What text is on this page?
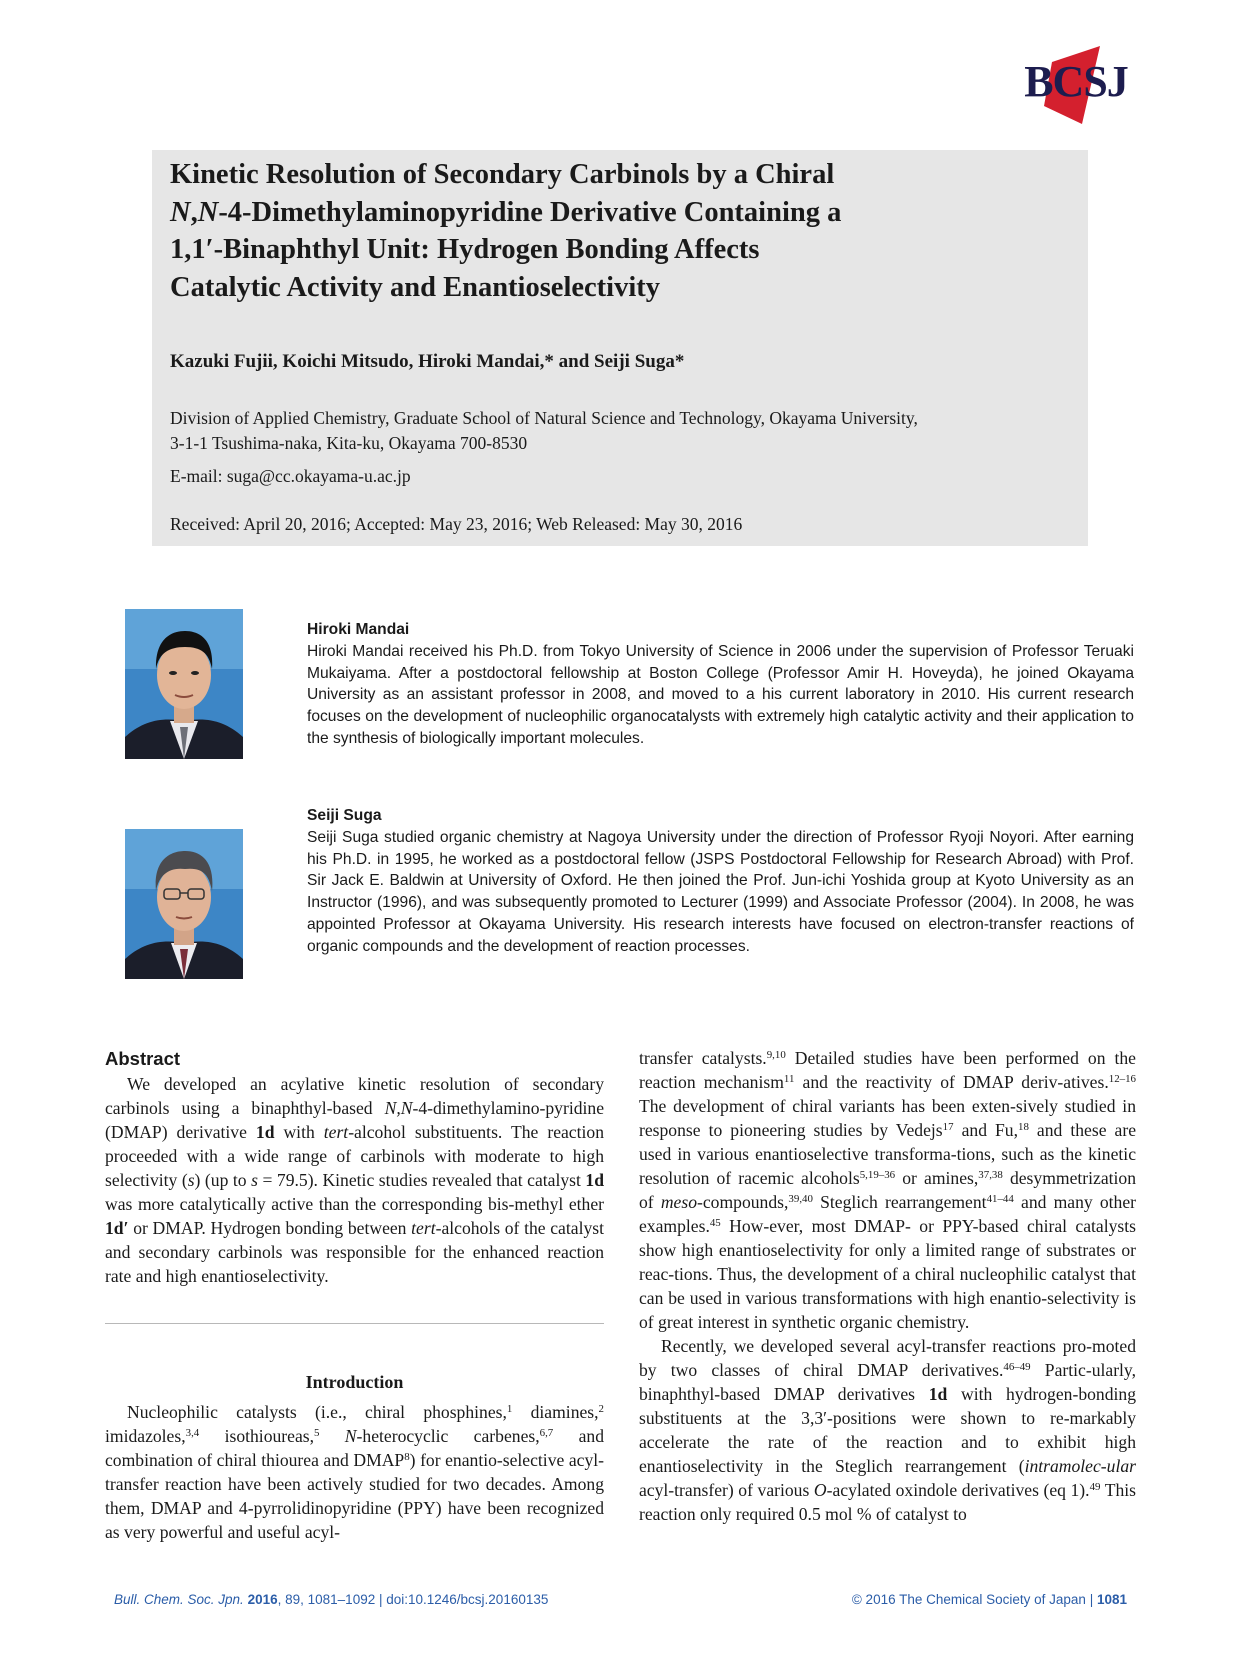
BCSJ
Kinetic Resolution of Secondary Carbinols by a Chiral
N,N-4-Dimethylaminopyridine Derivative Containing a
1,1′-Binaphthyl Unit: Hydrogen Bonding Affects
Catalytic Activity and Enantioselectivity
Kazuki Fujii, Koichi Mitsudo, Hiroki Mandai,* and Seiji Suga*
Division of Applied Chemistry, Graduate School of Natural Science and Technology, Okayama University,
3-1-1 Tsushima-naka, Kita-ku, Okayama 700-8530
E-mail: suga@cc.okayama-u.ac.jp
Received: April 20, 2016; Accepted: May 23, 2016; Web Released: May 30, 2016
Hiroki Mandai
Hiroki Mandai received his Ph.D. from Tokyo University of Science in 2006 under the supervision of Professor Teruaki Mukaiyama. After a postdoctoral fellowship at Boston College (Professor Amir H. Hoveyda), he joined Okayama University as an assistant professor in 2008, and moved to a his current laboratory in 2010. His current research focuses on the development of nucleophilic organocatalysts with extremely high catalytic activity and their application to the synthesis of biologically important molecules.
Seiji Suga
Seiji Suga studied organic chemistry at Nagoya University under the direction of Professor Ryoji Noyori. After earning his Ph.D. in 1995, he worked as a postdoctoral fellow (JSPS Postdoctoral Fellowship for Research Abroad) with Prof. Sir Jack E. Baldwin at University of Oxford. He then joined the Prof. Jun-ichi Yoshida group at Kyoto University as an Instructor (1996), and was subsequently promoted to Lecturer (1999) and Associate Professor (2004). In 2008, he was appointed Professor at Okayama University. His research interests have focused on electron-transfer reactions of organic compounds and the development of reaction processes.
Abstract

We developed an acylative kinetic resolution of secondary carbinols using a binaphthyl-based N,N-4-dimethylamino-pyridine (DMAP) derivative 1d with tert-alcohol substituents. The reaction proceeded with a wide range of carbinols with moderate to high selectivity (s) (up to s = 79.5). Kinetic studies revealed that catalyst 1d was more catalytically active than the corresponding bis-methyl ether 1d′ or DMAP. Hydrogen bonding between tert-alcohols of the catalyst and secondary carbinols was responsible for the enhanced reaction rate and high enantioselectivity.

Introduction

Nucleophilic catalysts (i.e., chiral phosphines,$^1$ diamines,$^2$ imidazoles,$^{3,4}$ isothioureas,$^5$ N-heterocyclic carbenes,$^{6,7}$ and combination of chiral thiourea and DMAP$^8$) for enantio-selective acyl-transfer reaction have been actively studied for two decades. Among them, DMAP and 4-pyrrolidinopyridine (PPY) have been recognized as very powerful and useful acyl-

transfer catalysts.$^{9,10}$ Detailed studies have been performed on the reaction mechanism$^{11}$ and the reactivity of DMAP deriv-atives.$^{12-16}$ The development of chiral variants has been exten-sively studied in response to pioneering studies by Vedejs$^{17}$ and Fu,$^{18}$ and these are used in various enantioselective transforma-tions, such as the kinetic resolution of racemic alcohols$^{5,19-36}$ or amines,$^{37,38}$ desymmetrization of meso-compounds,$^{39,40}$ Steglich rearrangement$^{41-44}$ and many other examples.$^{45}$ How-ever, most DMAP- or PPY-based chiral catalysts show high enantioselectivity for only a limited range of substrates or reac-tions. Thus, the development of a chiral nucleophilic catalyst that can be used in various transformations with high enantio-selectivity is of great interest in synthetic organic chemistry.

Recently, we developed several acyl-transfer reactions pro-moted by two classes of chiral DMAP derivatives.$^{46-49}$ Partic-ularly, binaphthyl-based DMAP derivatives 1d with hydrogen-bonding substituents at the 3,3′-positions were shown to re-markably accelerate the rate of the reaction and to exhibit high enantioselectivity in the Steglich rearrangement (intramolec-ular acyl-transfer) of various O-acylated oxindole derivatives (eq 1).$^{49}$ This reaction only required 0.5 mol % of catalyst to

Bull. Chem. Soc. Jpn. 2016, 89, 1081–1092 | doi:10.1246/bcsj.20160135	© 2016 The Chemical Society of Japan | 1081
